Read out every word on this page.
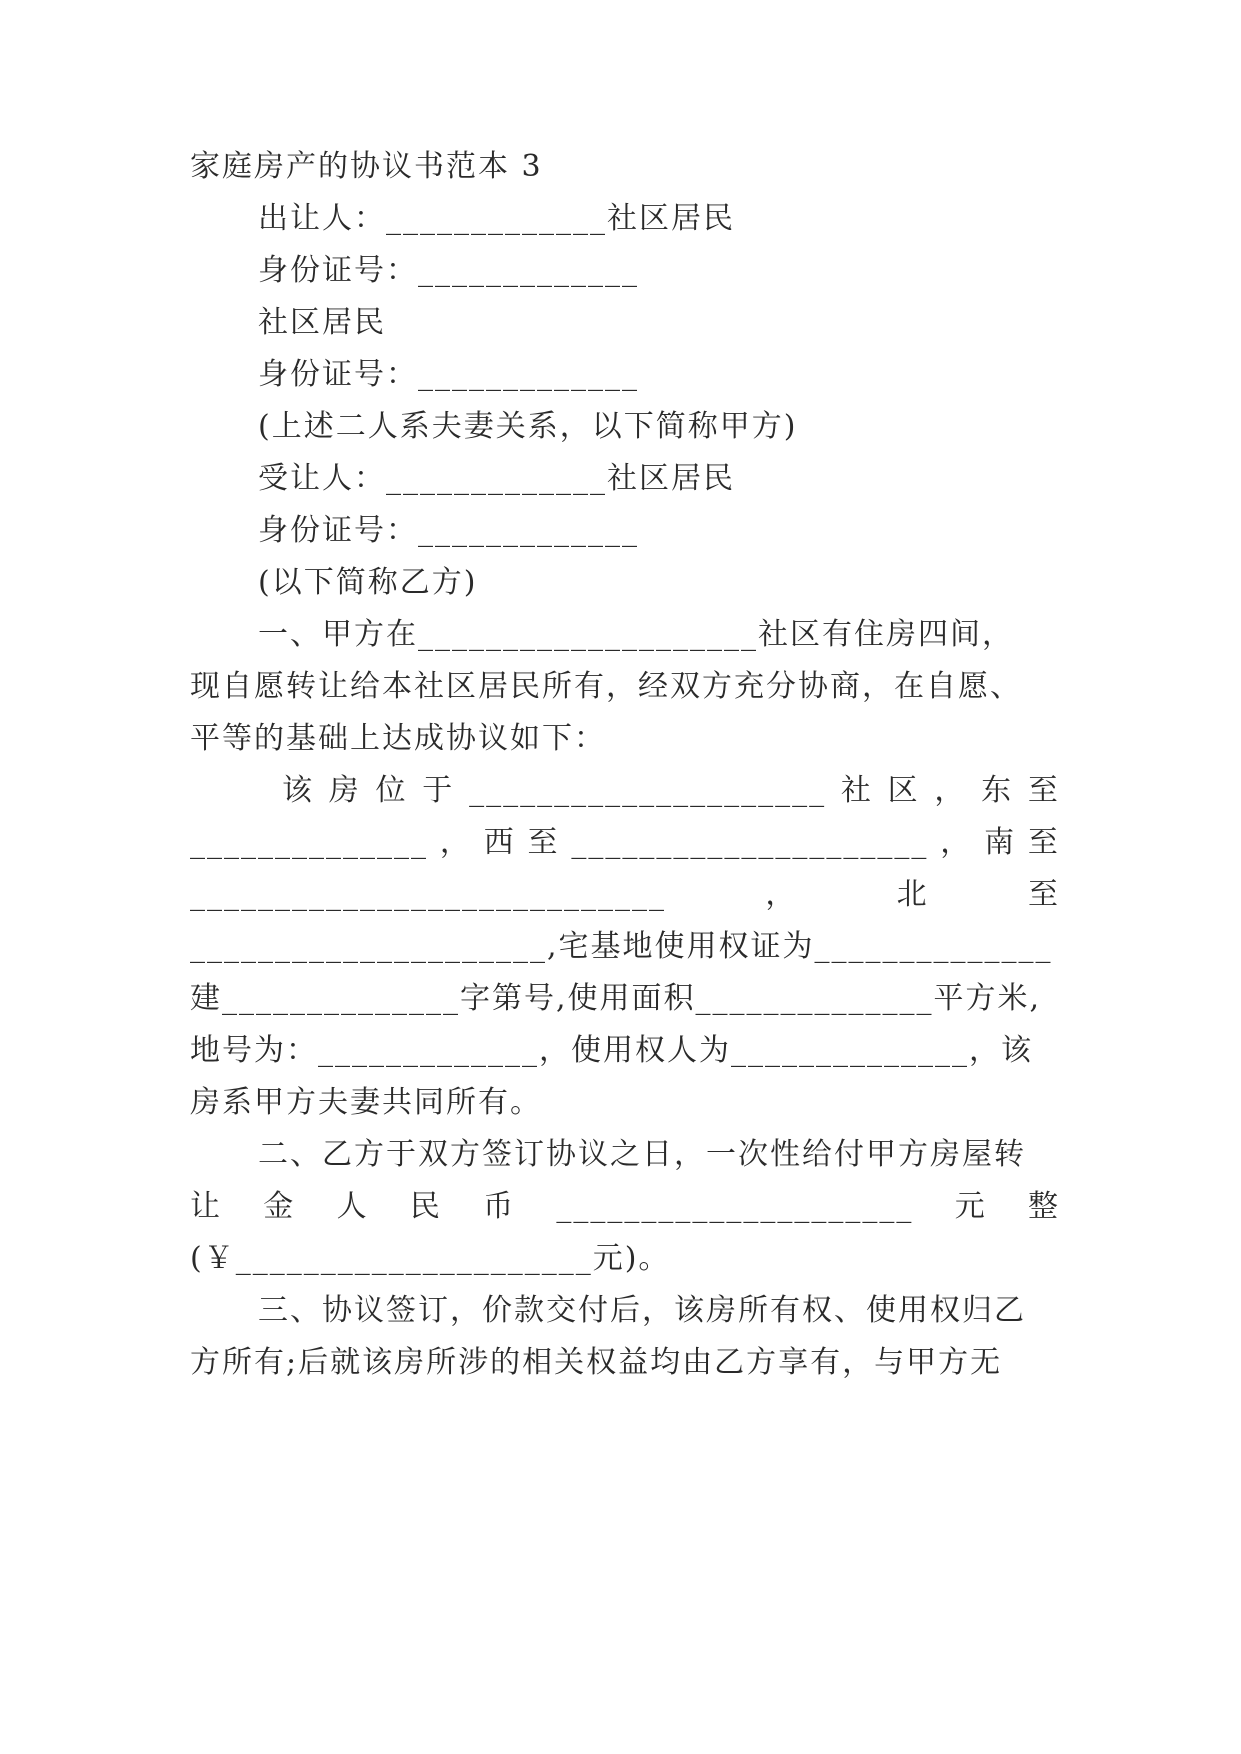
家庭房产的协议书范本 3
出让人：_____________社区居民
身份证号：_____________
社区居民
身份证号：_____________
(上述二人系夫妻关系，以下简称甲方)
受让人：_____________社区居民
身份证号：_____________
(以下简称乙方)
一、甲方在____________________社区有住房四间，
现自愿转让给本社区居民所有，经双方充分协商，在自愿、
平等的基础上达成协议如下：
该 房 位 于 _____________________ 社 区 ， 东 至
______________ ， 西 至 _____________________ ， 南 至
____________________________	，	北	至
_____________________,宅基地使用权证为______________
建______________字第号,使用面积______________平方米,
地号为：_____________，使用权人为______________，该
房系甲方夫妻共同所有。
二、乙方于双方签订协议之日，一次性给付甲方房屋转
让 金 人 民 币 _____________________ 元 整
(￥_____________________元)。
三、协议签订，价款交付后，该房所有权、使用权归乙
方所有;后就该房所涉的相关权益均由乙方享有，与甲方无
